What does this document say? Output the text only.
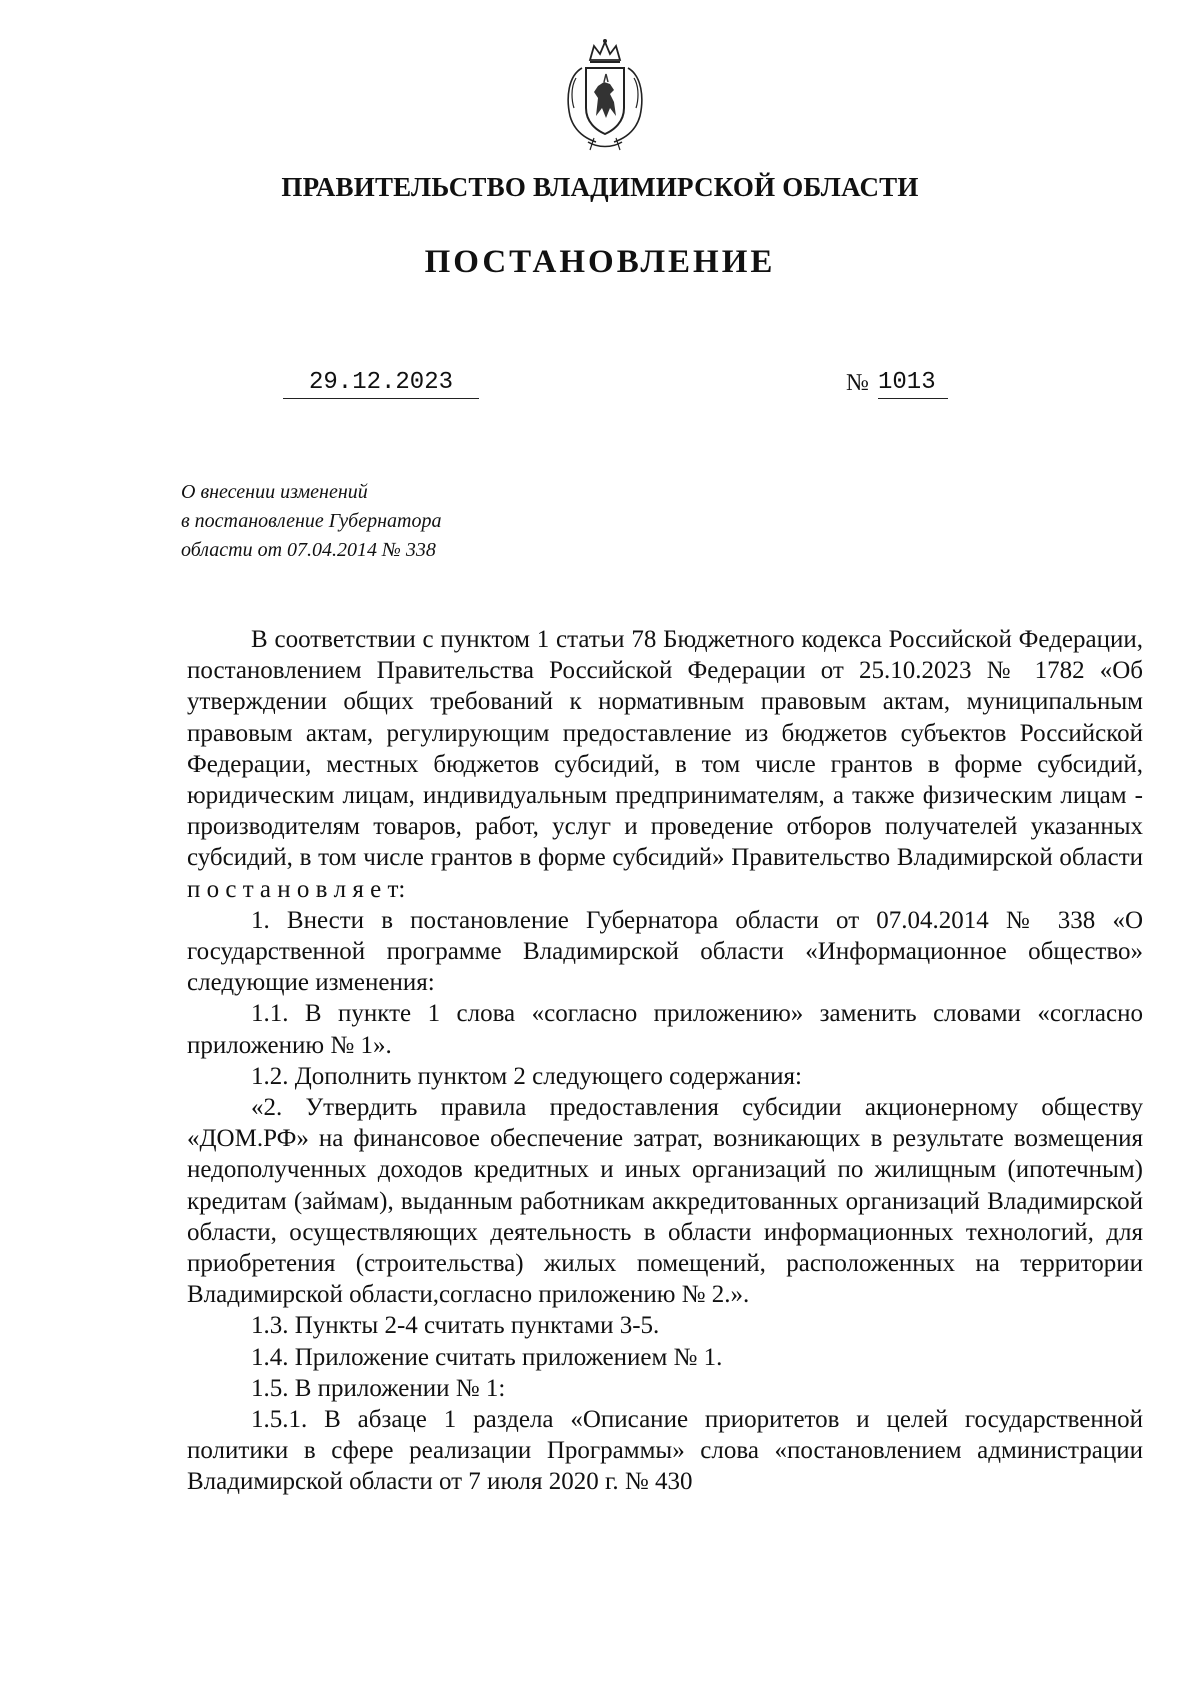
ПРАВИТЕЛЬСТВО ВЛАДИМИРСКОЙ ОБЛАСТИ
ПОСТАНОВЛЕНИЕ
29.12.2023	№ 1013
О внесении изменений
в постановление Губернатора
области от 07.04.2014 № 338

В соответствии с пунктом 1 статьи 78 Бюджетного кодекса Российской Федерации, постановлением Правительства Российской Федерации от 25.10.2023 № 1782 «Об утверждении общих требований к нормативным правовым актам, муниципальным правовым актам, регулирующим предоставление из бюджетов субъектов Российской Федерации, местных бюджетов субсидий, в том числе грантов в форме субсидий, юридическим лицам, индивидуальным предпринимателям, а также физическим лицам - производителям товаров, работ, услуг и проведение отборов получателей указанных субсидий, в том числе грантов в форме субсидий» Правительство Владимирской области п о с т а н о в л я е т:

1. Внести в постановление Губернатора области от 07.04.2014 № 338 «О государственной программе Владимирской области «Информационное общество» следующие изменения:

1.1. В пункте 1 слова «согласно приложению» заменить словами «согласно приложению № 1».

1.2. Дополнить пунктом 2 следующего содержания:

«2. Утвердить правила предоставления субсидии акционерному обществу «ДОМ.РФ» на финансовое обеспечение затрат, возникающих в результате возмещения недополученных доходов кредитных и иных организаций по жилищным (ипотечным) кредитам (займам), выданным работникам аккредитованных организаций Владимирской области, осуществляющих деятельность в области информационных технологий, для приобретения (строительства) жилых помещений, расположенных на территории Владимирской области,согласно приложению № 2.».

1.3. Пункты 2-4 считать пунктами 3-5.

1.4. Приложение считать приложением № 1.

1.5. В приложении № 1:

1.5.1. В абзаце 1 раздела «Описание приоритетов и целей государственной политики в сфере реализации Программы» слова «постановлением администрации Владимирской области от 7 июля 2020 г. № 430
